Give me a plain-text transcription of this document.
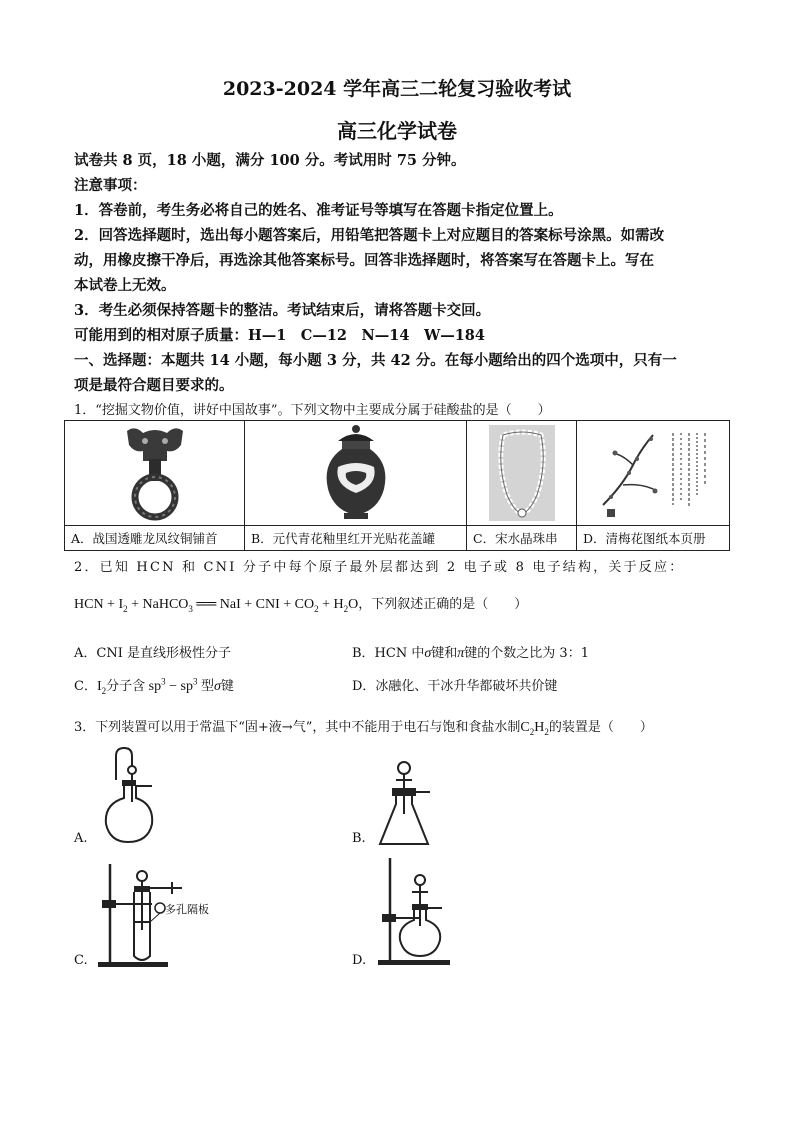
2023-2024 学年高三二轮复习验收考试
高三化学试卷
试卷共 8 页，18 小题，满分 100 分。考试用时 75 分钟。
注意事项：
1．答卷前，考生务必将自己的姓名、准考证号等填写在答题卡指定位置上。
2．回答选择题时，选出每小题答案后，用铅笔把答题卡上对应题目的答案标号涂黑。如需改
动，用橡皮擦干净后，再选涂其他答案标号。回答非选择题时，将答案写在答题卡上。写在
本试卷上无效。
3．考生必须保持答题卡的整洁。考试结束后，请将答题卡交回。
可能用到的相对原子质量：H—1　C—12　N—14　W—184
一、选择题：本题共 14 小题，每小题 3 分，共 42 分。在每小题给出的四个选项中，只有一
项是最符合题目要求的。
1．“挖掘文物价值，讲好中国故事”。下列文物中主要成分属于硅酸盐的是（　　）

A．战国透雕龙凤纹铜铺首	B．元代青花釉里红开光贴花盖罐	C．宋水晶珠串	D．清梅花图纸本页册
2．已知 HCN 和 CNI 分子中每个原子最外层都达到 2 电子或 8 电子结构，关于反应：
HCN + $I_2$ + NaHCO$_3$ ══ NaI + CNI + $CO_2 + H_2O$，下列叙述正确的是（　　）
A．CNI 是直线形极性分子	B．HCN 中σ键和π键的个数之比为 3：1
C．$I_2$分子含 $sp^3 - sp^3$ 型σ键	D．冰融化、干冰升华都破坏共价键
3．下列装置可以用于常温下“固+液→气”，其中不能用于电石与饱和食盐水制$C_2H_2$的装置是（　　）
A.	B.
多孔隔板
C.	D.
